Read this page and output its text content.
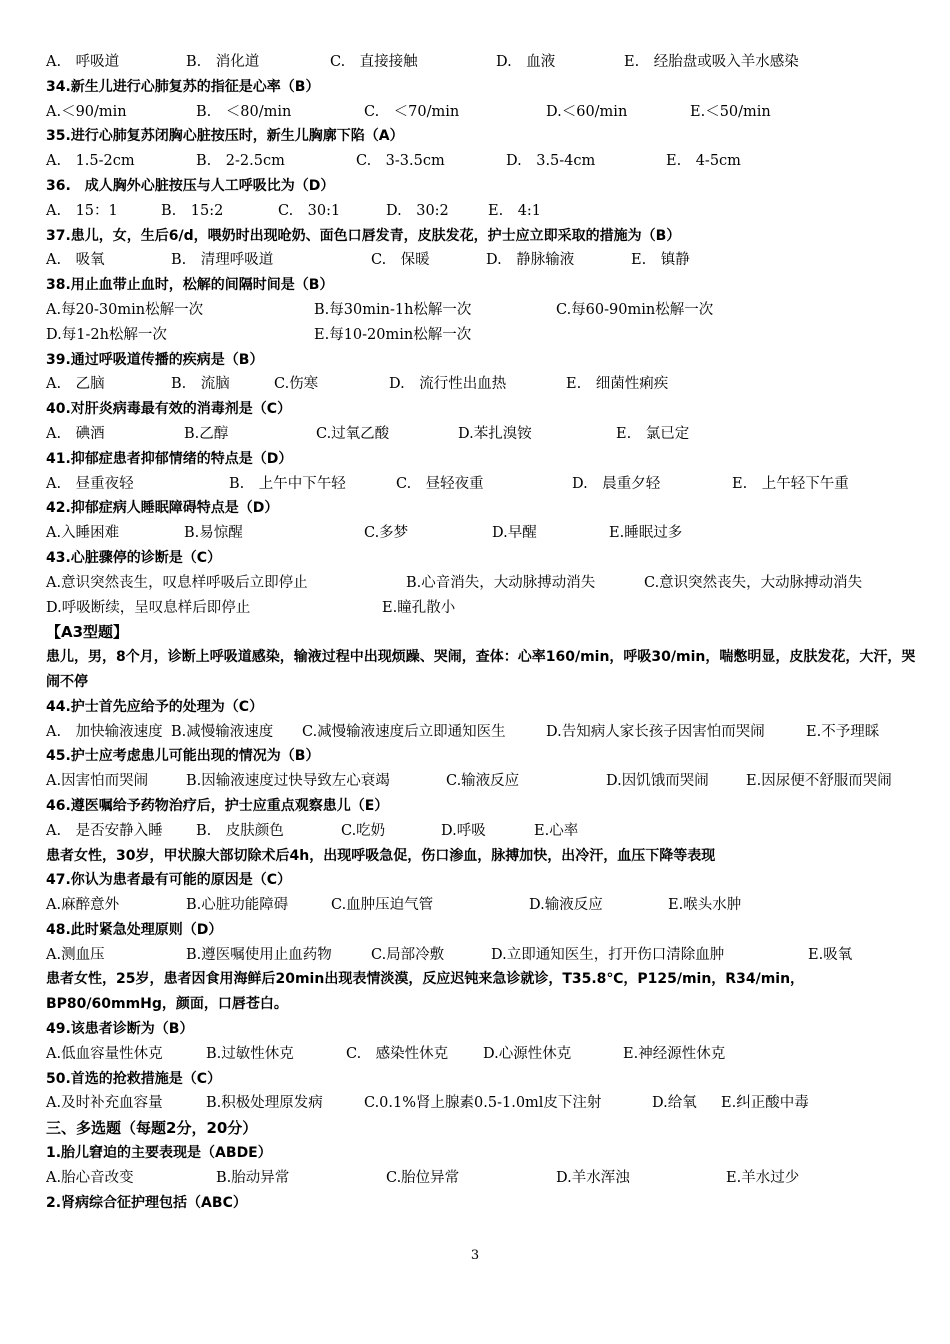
A.　呼吸道	B.　消化道	C.　直接接触	D.　血液	E.　经胎盘或吸入羊水感染
34.新生儿进行心肺复苏的指征是心率（B）
A.＜90/min	B.　＜80/min	C.　＜70/min	D.＜60/min	E.＜50/min
35.进行心肺复苏闭胸心脏按压时，新生儿胸廓下陷（A）
A.　1.5-2cm	B.　2-2.5cm	C.　3-3.5cm	D.　3.5-4cm	E.　4-5cm
36.　成人胸外心脏按压与人工呼吸比为（D）
A.　15：1	B.　15:2	C.　30:1	D.　30:2	E.　4:1
37.患儿，女，生后6/d，喂奶时出现呛奶、面色口唇发青，皮肤发花，护士应立即采取的措施为（B）
A.　吸氧	B.　清理呼吸道	C.　保暖	D.　静脉输液	E.　镇静
38.用止血带止血时，松解的间隔时间是（B）
A.每20-30min松解一次	B.每30min-1h松解一次	C.每60-90min松解一次
D.每1-2h松解一次	E.每10-20min松解一次
39.通过呼吸道传播的疾病是（B）
A.　乙脑	B.　流脑	C.伤寒	D.　流行性出血热	E.　细菌性痢疾
40.对肝炎病毒最有效的消毒剂是（C）
A.　碘酒	B.乙醇	C.过氧乙酸	D.苯扎溴铵	E.　氯已定
41.抑郁症患者抑郁情绪的特点是（D）
A.　昼重夜轻	B.　上午中下午轻	C.　昼轻夜重	D.　晨重夕轻	E.　上午轻下午重
42.抑郁症病人睡眠障碍特点是（D）
A.入睡困难	B.易惊醒	C.多梦	D.早醒	E.睡眠过多
43.心脏骤停的诊断是（C）
A.意识突然丧生，叹息样呼吸后立即停止	B.心音消失，大动脉搏动消失	C.意识突然丧失，大动脉搏动消失
D.呼吸断续，呈叹息样后即停止	E.瞳孔散小
【A3型题】
患儿，男，8个月，诊断上呼吸道感染，输液过程中出现烦躁、哭闹，查体：心率160/min，呼吸30/min，喘憋明显，皮肤发花，大汗，哭闹不停
44.护士首先应给予的处理为（C）
A.　加快输液速度 B.减慢输液速度 C.减慢输液速度后立即通知医生	D.告知病人家长孩子因害怕而哭闹	E.不予理睬
45.护士应考虑患儿可能出现的情况为（B）
A.因害怕而哭闹	B.因输液速度过快导致左心衰竭	C.输液反应	D.因饥饿而哭闹	E.因尿便不舒服而哭闹
46.遵医嘱给予药物治疗后，护士应重点观察患儿（E）
A.　是否安静入睡 B.　皮肤颜色	C.吃奶	D.呼吸	E.心率
患者女性，30岁，甲状腺大部切除术后4h，出现呼吸急促，伤口渗血，脉搏加快，出冷汗，血压下降等表现
47.你认为患者最有可能的原因是（C）
A.麻醉意外	B.心脏功能障碍	C.血肿压迫气管	D.输液反应	E.喉头水肿
48.此时紧急处理原则（D）
A.测血压	B.遵医嘱使用止血药物	C.局部冷敷	D.立即通知医生，打开伤口清除血肿	E.吸氧
患者女性，25岁，患者因食用海鲜后20min出现表情淡漠，反应迟钝来急诊就诊，T35.8℃，P125/min，R34/min，BP80/60mmHg，颜面，口唇苍白。
49.该患者诊断为（B）
A.低血容量性休克	B.过敏性休克	C.　感染性休克 D.心源性休克	E.神经源性休克
50.首选的抢救措施是（C）
A.及时补充血容量	B.积极处理原发病	C.0.1%肾上腺素0.5-1.0ml皮下注射	D.给氧 E.纠正酸中毒
三、多选题（每题2分，20分）
1.胎儿窘迫的主要表现是（ABDE）
A.胎心音改变	B.胎动异常	C.胎位异常	D.羊水浑浊	E.羊水过少
2.肾病综合征护理包括（ABC）
3
